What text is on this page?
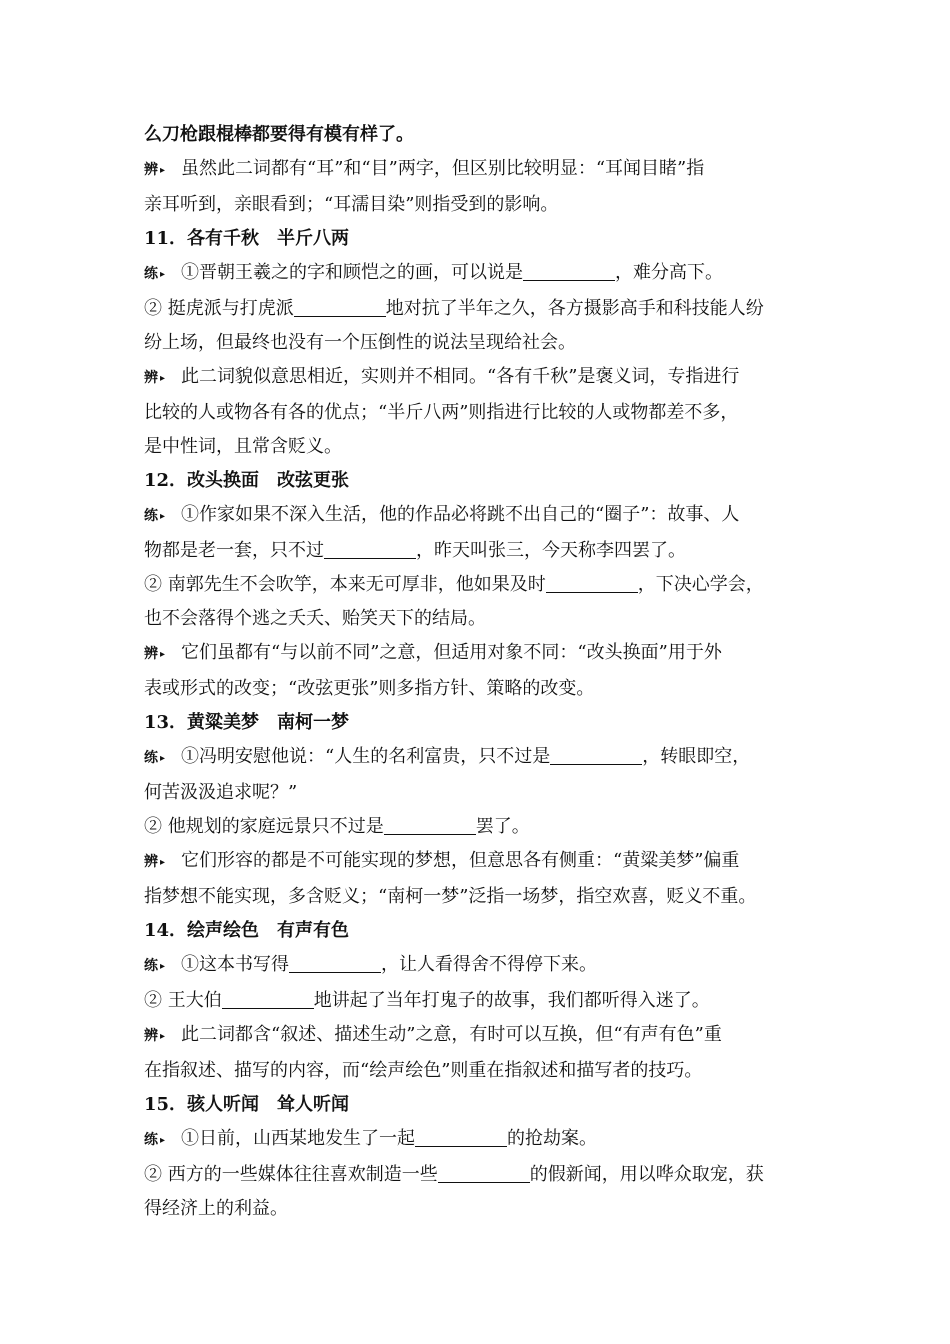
么刀枪跟棍棒都要得有模有样了。

辨 ▸ 虽然此二词都有“耳”和“目”两字，但区别比较明显：“耳闻目睹”指
亲耳听到，亲眼看到；“耳濡目染”则指受到的影响。

11．各有千秋　半斤八两

练 ▸ ①晋朝王羲之的字和顾恺之的画，可以说是	，难分高下。

② 挺虎派与打虎派	地对抗了半年之久，各方摄影高手和科技能人纷
纷上场，但最终也没有一个压倒性的说法呈现给社会。

辨 ▸ 此二词貌似意思相近，实则并不相同。“各有千秋”是褒义词，专指进行
比较的人或物各有各的优点；“半斤八两”则指进行比较的人或物都差不多，
是中性词，且常含贬义。

12．改头换面　改弦更张

练 ▸ ①作家如果不深入生活，他的作品必将跳不出自己的“圈子”：故事、人
物都是老一套，只不过	，昨天叫张三，今天称李四罢了。

② 南郭先生不会吹竽，本来无可厚非，他如果及时	，下决心学会，
也不会落得个逃之夭夭、贻笑天下的结局。

辨 ▸ 它们虽都有“与以前不同”之意，但适用对象不同：“改头换面”用于外
表或形式的改变；“改弦更张”则多指方针、策略的改变。

13．黄粱美梦　南柯一梦

练 ▸ ①冯明安慰他说：“人生的名利富贵，只不过是	，转眼即空，
何苦汲汲追求呢？”

② 他规划的家庭远景只不过是	罢了。

辨 ▸ 它们形容的都是不可能实现的梦想，但意思各有侧重：“黄粱美梦”偏重
指梦想不能实现，多含贬义；“南柯一梦”泛指一场梦，指空欢喜，贬义不重。

14．绘声绘色　有声有色

练 ▸ ①这本书写得	，让人看得舍不得停下来。

② 王大伯	地讲起了当年打鬼子的故事，我们都听得入迷了。

辨 ▸ 此二词都含“叙述、描述生动”之意，有时可以互换，但“有声有色”重
在指叙述、描写的内容，而“绘声绘色”则重在指叙述和描写者的技巧。

15．骇人听闻　耸人听闻

练 ▸ ①日前，山西某地发生了一起	的抢劫案。

② 西方的一些媒体往往喜欢制造一些	的假新闻，用以哗众取宠，获
得经济上的利益。
